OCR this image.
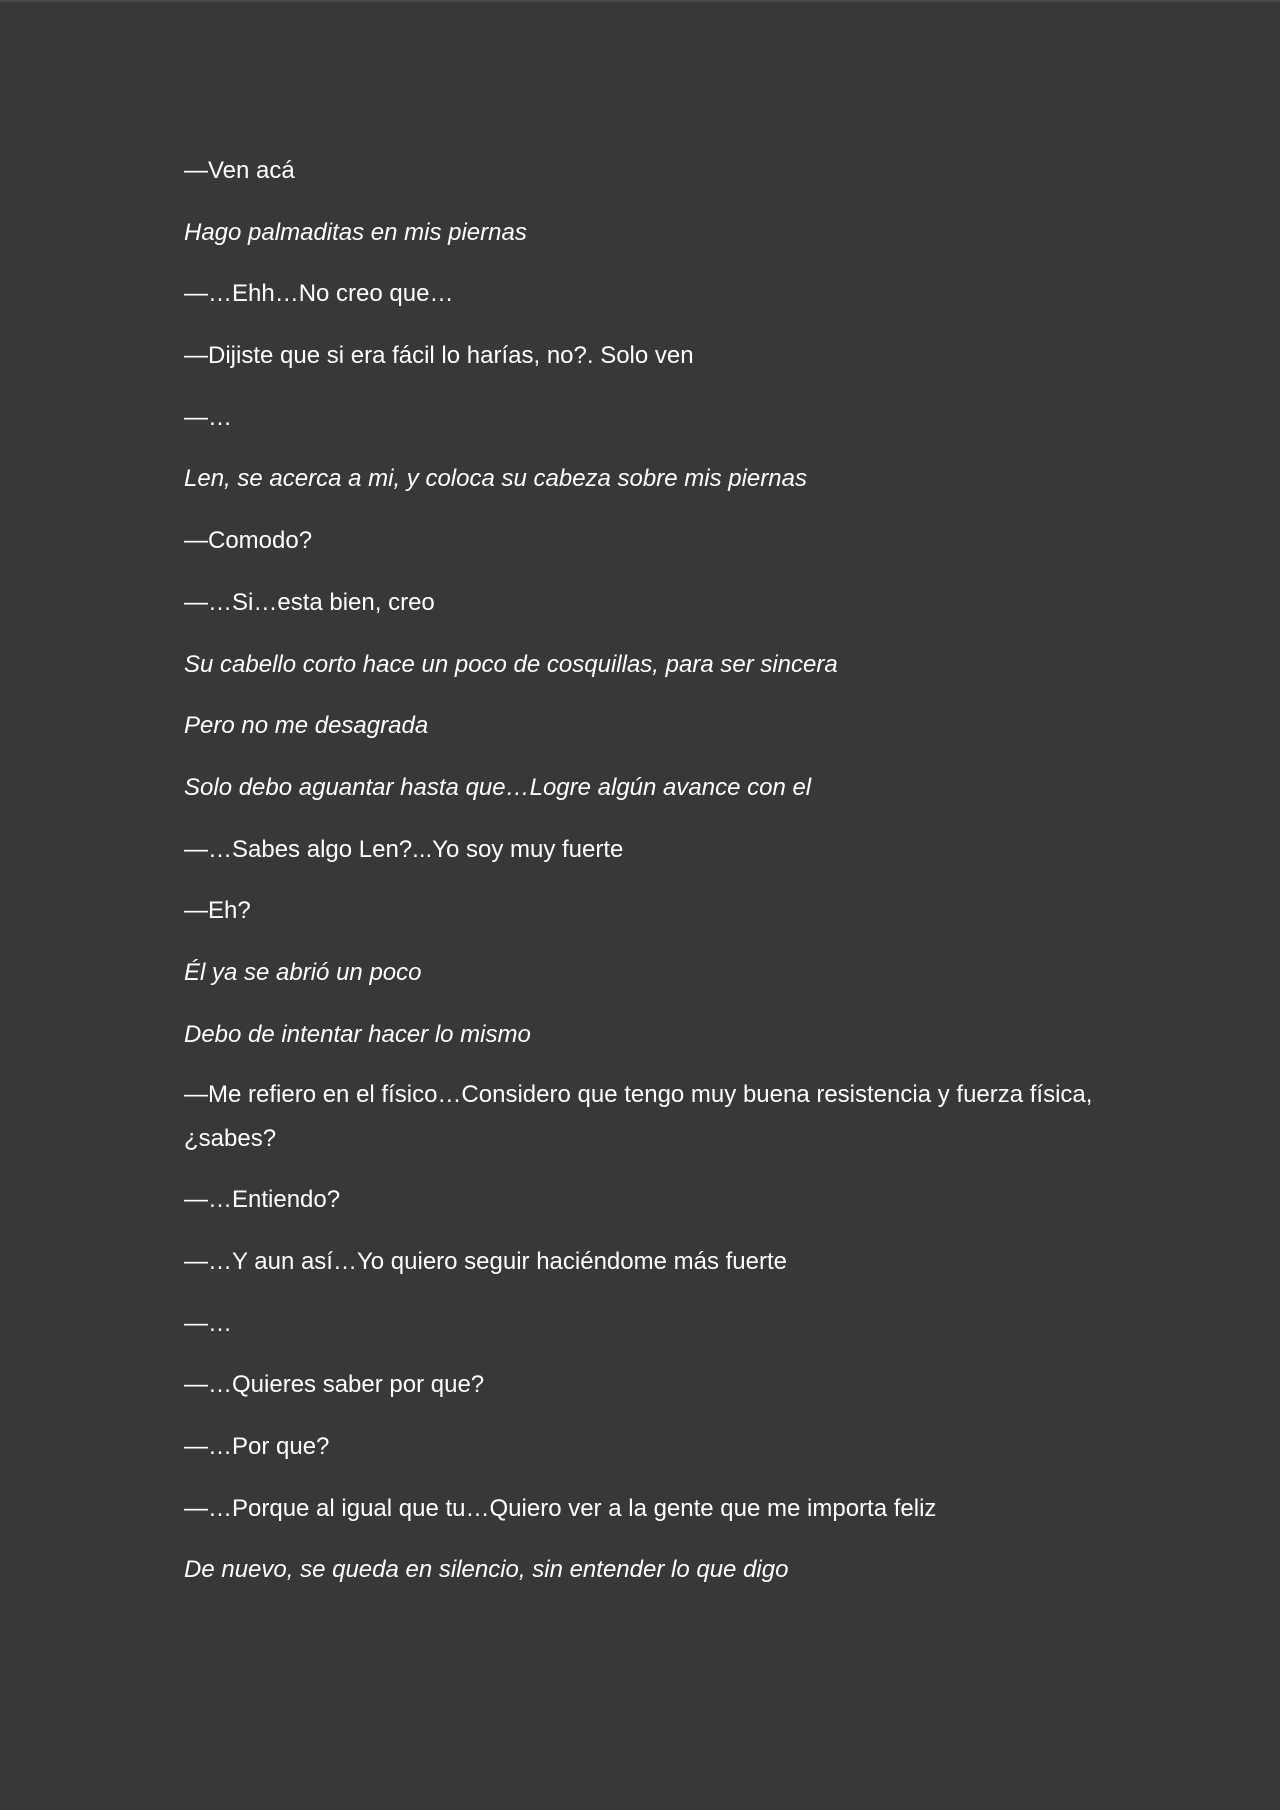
—Ven acá

Hago palmaditas en mis piernas

—…Ehh…No creo que…

—Dijiste que si era fácil lo harías, no?. Solo ven

—…

Len, se acerca a mi, y coloca su cabeza sobre mis piernas

—Comodo?

—…Si…esta bien, creo

Su cabello corto hace un poco de cosquillas, para ser sincera

Pero no me desagrada

Solo debo aguantar hasta que…Logre algún avance con el

—…Sabes algo Len?...Yo soy muy fuerte

—Eh?

Él ya se abrió un poco

Debo de intentar hacer lo mismo

—Me refiero en el físico…Considero que tengo muy buena resistencia y fuerza física, ¿sabes?

—…Entiendo?

—…Y aun así…Yo quiero seguir haciéndome más fuerte

—…

—…Quieres saber por que?

—…Por que?

—…Porque al igual que tu…Quiero ver a la gente que me importa feliz

De nuevo, se queda en silencio, sin entender lo que digo
